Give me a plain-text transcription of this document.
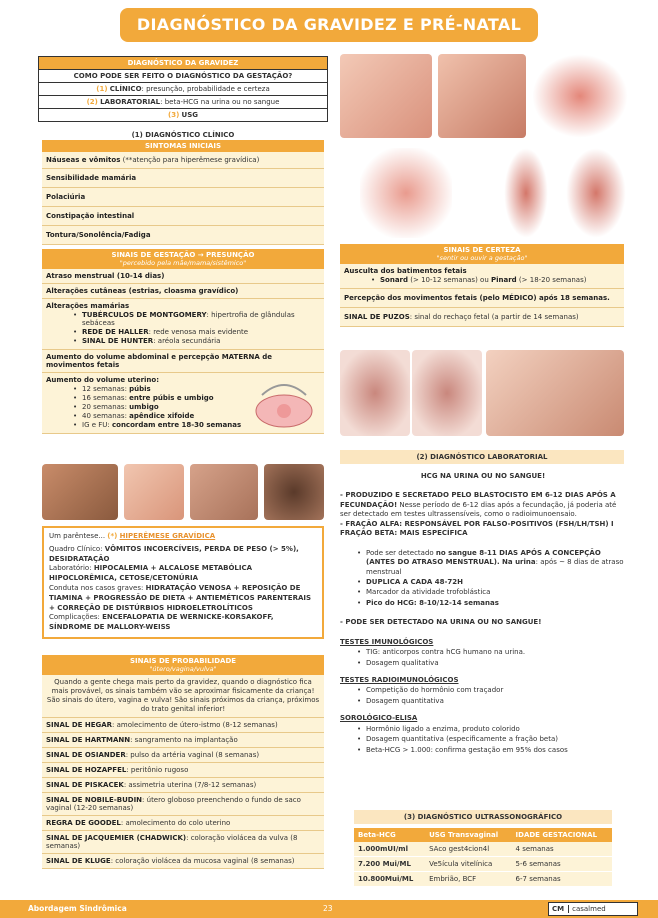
DIAGNÓSTICO DA GRAVIDEZ E PRÉ-NATAL
DIAGNÓSTICO DA GRAVIDEZ
COMO PODE SER FEITO O DIAGNÓSTICO DA GESTAÇÃO?
(1) CLÍNICO: presunção, probabilidade e certeza
(2) LABORATORIAL: beta-HCG na urina ou no sangue
(3) USG
(1) DIAGNÓSTICO CLÍNICO
SINTOMAS INICIAIS
Náuseas e vômitos (**atenção para hiperêmese gravídica)
Sensibilidade mamária
Polaciúria
Constipação intestinal
Tontura/Sonolência/Fadiga
SINAIS DE GESTAÇÃO → PRESUNÇÃO
"percebido pela mãe/mama/sistêmico"
Atraso menstrual (10-14 dias)
Alterações cutâneas (estrias, cloasma gravídico)
Alterações mamárias
• TUBÉRCULOS DE MONTGOMERY: hipertrofia de glândulas sebáceas
• REDE DE HALLER: rede venosa mais evidente
• SINAL DE HUNTER: aréola secundária
Aumento do volume abdominal e percepção MATERNA de movimentos fetais
Aumento do volume uterino:
• 12 semanas: púbis
• 16 semanas: entre púbis e umbigo
• 20 semanas: umbigo
• 40 semanas: apêndice xifoide
• IG e FU: concordam entre 18-30 semanas
Um parêntese... (*) HIPERÊMESE GRAVÍDICA
Quadro Clínico: VÔMITOS INCOERCÍVEIS, PERDA DE PESO (> 5%), DESIDRATAÇÃO
Laboratório: HIPOCALEMIA + ALCALOSE METABÓLICA HIPOCLORÊMICA, CETOSE/CETONÚRIA
Conduta nos casos graves: HIDRATAÇÃO VENOSA + REPOSIÇÃO DE TIAMINA + PROGRESSÃO DE DIETA + ANTIEMÉTICOS PARENTERAIS + CORREÇÃO DE DISTÚRBIOS HIDROELETROLÍTICOS
Complicações: ENCEFALOPATIA DE WERNICKE-KORSAKOFF, SÍNDROME DE MALLORY-WEISS
SINAIS DE PROBABILIDADE
"útero/vagina/vulva"
Quando a gente chega mais perto da gravidez, quando o diagnóstico fica mais provável, os sinais também vão se aproximar fisicamente da criança! São sinais do útero, vagina e vulva! São sinais próximos da criança, próximos do trato genital inferior!
SINAL DE HEGAR: amolecimento de útero-istmo (8-12 semanas)
SINAL DE HARTMANN: sangramento na implantação
SINAL DE OSIANDER: pulso da artéria vaginal (8 semanas)
SINAL DE HOZAPFEL: peritônio rugoso
SINAL DE PISKACEK: assimetria uterina (7/8-12 semanas)
SINAL DE NOBILE-BUDIN: útero globoso preenchendo o fundo de saco vaginal (12-20 semanas)
REGRA DE GOODEL: amolecimento do colo uterino
SINAL DE JACQUEMIER (CHADWICK): coloração violácea da vulva (8 semanas)
SINAL DE KLUGE: coloração violácea da mucosa vaginal (8 semanas)
SINAIS DE CERTEZA
"sentir ou ouvir a gestação"
Ausculta dos batimentos fetais
• Sonard (> 10-12 semanas) ou Pinard (> 18-20 semanas)
Percepção dos movimentos fetais (pelo MÉDICO) após 18 semanas.
SINAL DE PUZOS: sinal do rechaço fetal (a partir de 14 semanas)
(2) DIAGNÓSTICO LABORATORIAL
HCG NA URINA OU NO SANGUE!
- PRODUZIDO E SECRETADO PELO BLASTOCISTO EM 6-12 DIAS APÓS A FECUNDAÇÃO! Nesse período de 6-12 dias após a fecundação, já poderia até ser detectado em testes ultrassensíveis, como o radioimunoensaio.
- FRAÇÃO ALFA: RESPONSÁVEL POR FALSO-POSITIVOS (FSH/LH/TSH) I FRAÇÃO BETA: MAIS ESPECÍFICA
• Pode ser detectado no sangue 8-11 DIAS APÓS A CONCEPÇÃO (ANTES DO ATRASO MENSTRUAL). Na urina: após ~ 8 dias de atraso menstrual
• DUPLICA A CADA 48-72H
• Marcador da atividade trofoblástica
• Pico do HCG: 8-10/12-14 semanas
- PODE SER DETECTADO NA URINA OU NO SANGUE!
TESTES IMUNOLÓGICOS
• TIG: anticorpos contra hCG humano na urina.
• Dosagem qualitativa
TESTES RADIOIMUNOLÓGICOS
• Competição do hormônio com traçador
• Dosagem quantitativa
SOROLÓGICO-ELISA
• Hormônio ligado a enzima, produto colorido
• Dosagem quantitativa (especificamente a fração beta)
• Beta-HCG > 1.000: confirma gestação em 95% dos casos
(3) DIAGNÓSTICO ULTRASSONOGRÁFICO
Beta-HCG	USG Transvaginal	IDADE GESTACIONAL
1.000mUI/ml	SAco gest4cion4l	4 semanas
7.200 Mui/ML	Ve5ícula vitelínica	5-6 semanas
10.800Mui/ML	Embrião, BCF	6-7 semanas
Abordagem Sindrômica	23	CM casalmed
